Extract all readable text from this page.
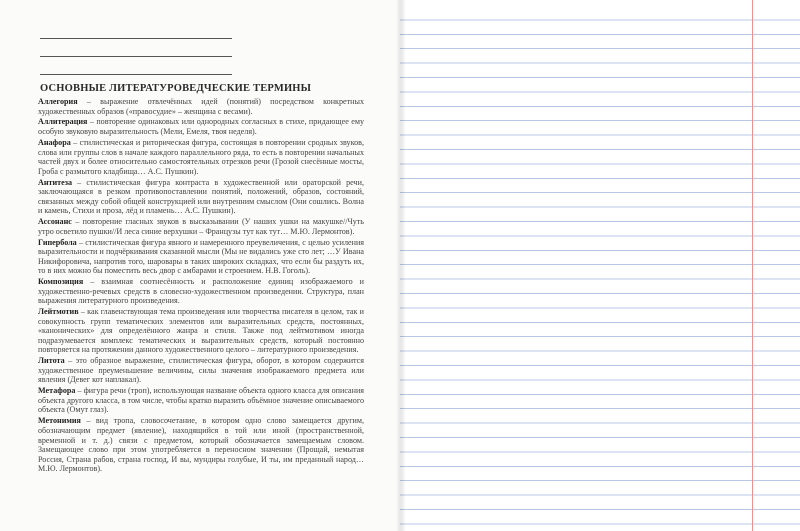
ОСНОВНЫЕ ЛИТЕРАТУРОВЕДЧЕСКИЕ ТЕРМИНЫ

Аллегория – выражение отвлечённых идей (понятий) посредством конкретных художественных образов («правосудие» – женщина с весами).

Аллитерация – повторение одинаковых или однородных согласных в стихе, придающее ему особую звуковую выразительность (Мели, Емеля, твоя неделя).

Анафора – стилистическая и риторическая фигура, состоящая в повторении сродных звуков, слова или группы слов в начале каждого параллельного ряда, то есть в повторении начальных частей двух и более относительно самостоятельных отрезков речи (Грозой снесённые мосты, Гроба с размытого кладбища… А.С. Пушкин).

Антитеза – стилистическая фигура контраста в художественной или ораторской речи, заключающаяся в резком противопоставлении понятий, положений, образов, состояний, связанных между собой общей конструкцией или внутренним смыслом (Они сошлись. Волна и камень, Стихи и проза, лёд и пламень… А.С. Пушкин).

Ассонанс – повторение гласных звуков в высказывании (У наших ушки на макушке//Чуть утро осветило пушки//И леса синие верхушки – Французы тут как тут… М.Ю. Лермонтов).

Гипербола – стилистическая фигура явного и намеренного преувеличения, с целью усиления выразительности и подчёркивания сказанной мысли (Мы не видались уже сто лет; …У Ивана Никифоровича, напротив того, шаровары в таких широких складках, что если бы раздуть их, то в них можно бы поместить весь двор с амбарами и строением. Н.В. Гоголь).

Композиция – взаимная соотнесённость и расположение единиц изображаемого и художественно-речевых средств в словесно-художественном произведении. Структура, план выражения литературного произведения.

Лейтмотив – как главенствующая тема произведения или творчества писателя в целом, так и совокупность групп тематических элементов или выразительных средств, постоянных, «канонических» для определённого жанра и стиля. Также под лейтмотивом иногда подразумевается комплекс тематических и выразительных средств, который постоянно повторяется на протяжении данного художественного целого – литературного произведения.

Литота – это образное выражение, стилистическая фигура, оборот, в котором содержится художественное преуменьшение величины, силы значения изображаемого предмета или явления (Девег кот наплакал).

Метафора – фигура речи (троп), использующая название объекта одного класса для описания объекта другого класса, в том числе, чтобы кратко выразить объёмное значение описываемого объекта (Омут глаз).

Метонимия – вид тропа, словосочетание, в котором одно слово замещается другим, обозначающим предмет (явление), находящийся в той или иной (пространственной, временной и т. д.) связи с предметом, который обозначается замещаемым словом. Замещающее слово при этом употребляется в переносном значении (Прощай, немытая Россия, Страна рабов, страна господ, И вы, мундиры голубые, И ты, им преданный народ… М.Ю. Лермонтов).
